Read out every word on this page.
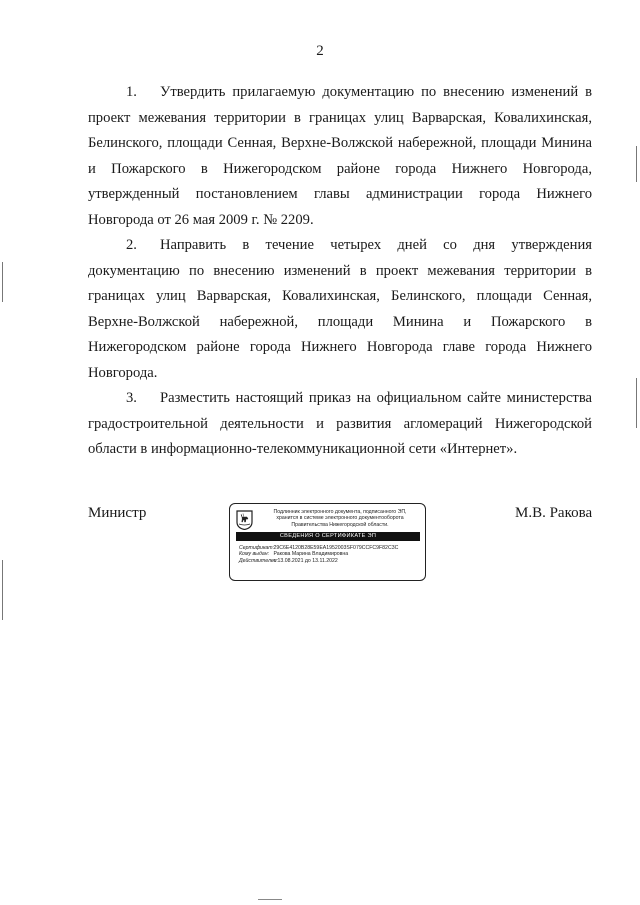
2

1. Утвердить прилагаемую документацию по внесению изменений в проект межевания территории в границах улиц Варварская, Ковалихинская, Белинского, площади Сенная, Верхне-Волжской набережной, площади Минина и Пожарского в Нижегородском районе города Нижнего Новгорода, утвержденный постановлением главы администрации города Нижнего Новгорода от 26 мая 2009 г. № 2209.

2. Направить в течение четырех дней со дня утверждения документацию по внесению изменений в проект межевания территории в границах улиц Варварская, Ковалихинская, Белинского, площади Сенная, Верхне-Волжской набережной, площади Минина и Пожарского в Нижегородском районе города Нижнего Новгорода главе города Нижнего Новгорода.

3. Разместить настоящий приказ на официальном сайте министерства градостроительной деятельности и развития агломераций Нижегородской области в информационно-телекоммуникационной сети «Интернет».

Министр	Подлинник электронного документа, подписанного ЭП,
хранится в системе электронного документооборота
Правительства Нижегородской области.
СВЕДЕНИЯ О СЕРТИФИКАТЕ ЭП
Сертификат: 29C6E4120B28E59EA1952003SF079CCFC9F82C3C
Кому выдан: Ракова Марина Владимировна
Действителен: с 13.08.2021 до 13.11.2022
М.В. Ракова
